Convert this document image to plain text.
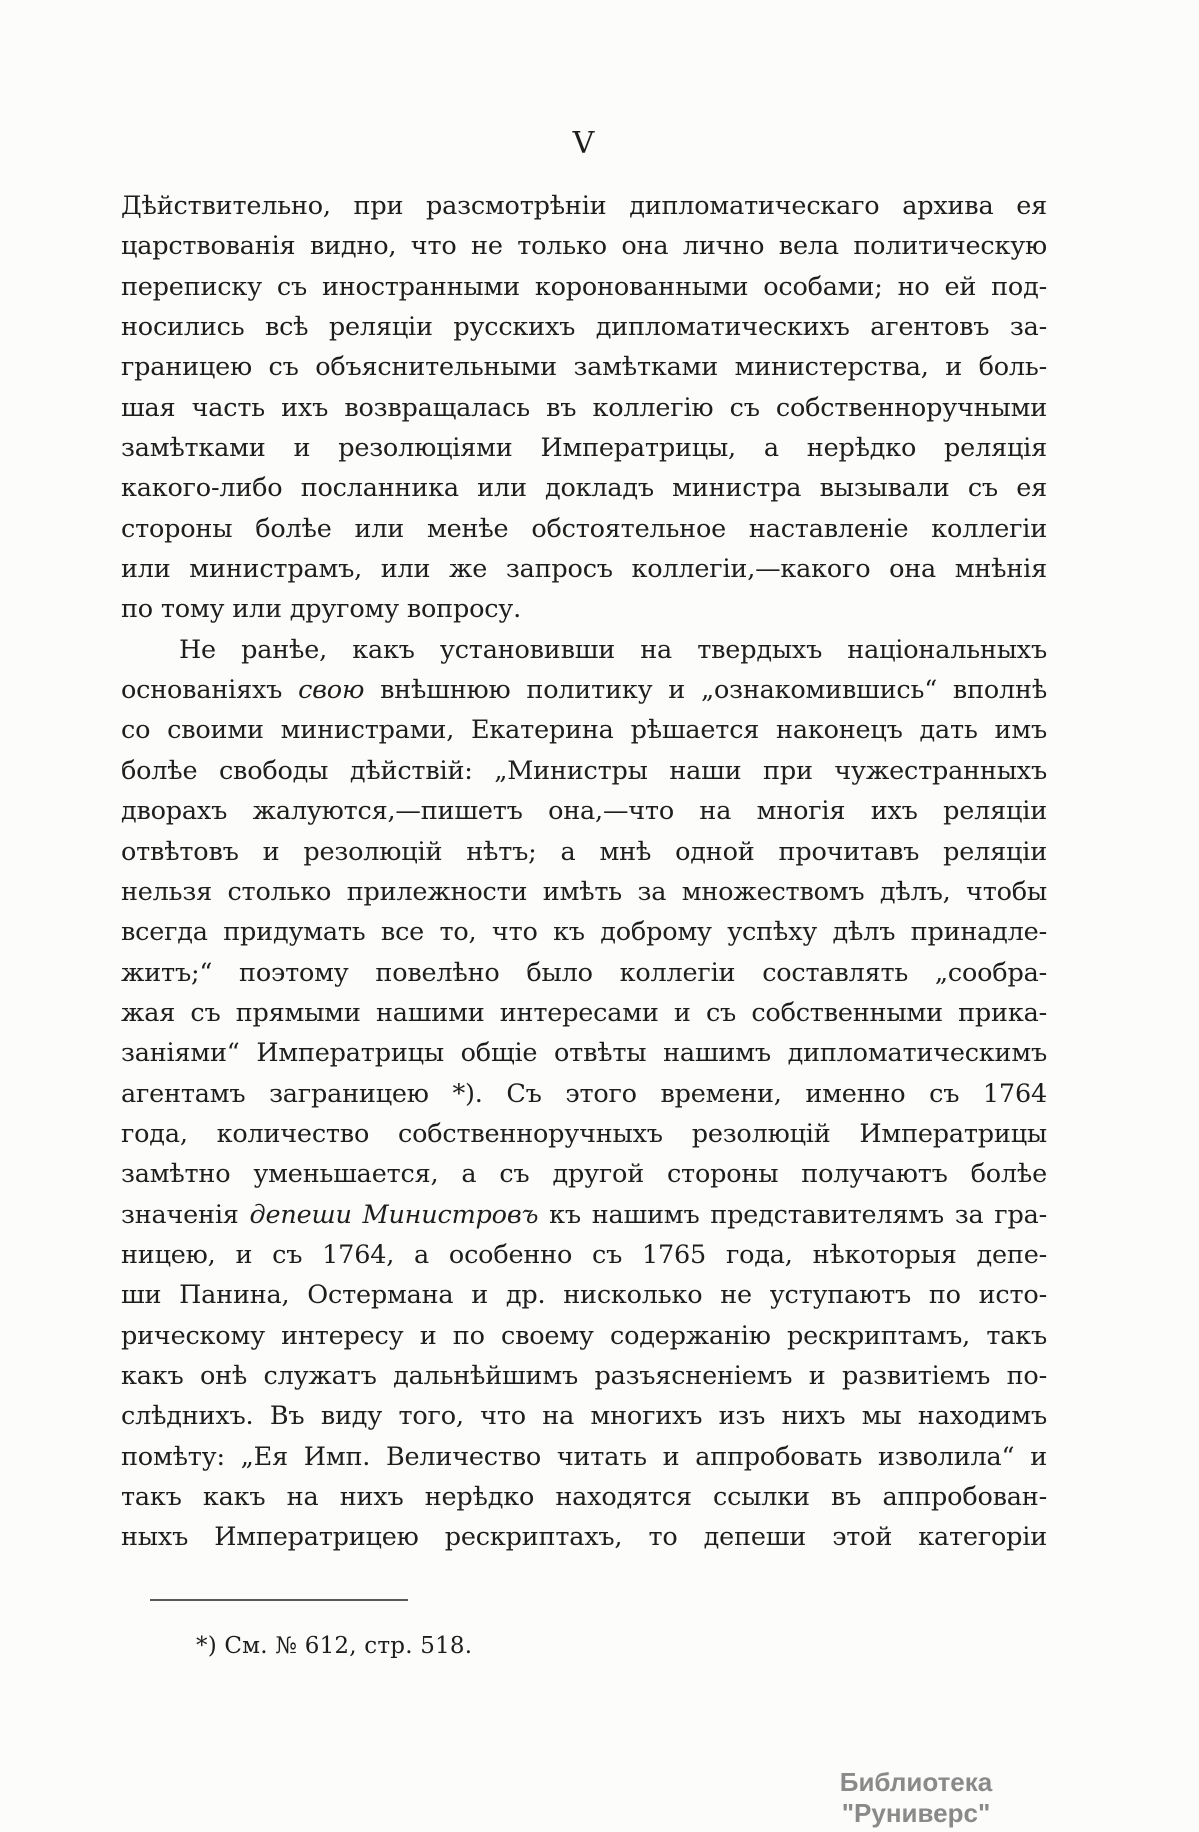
V
Дѣйствительно, при разсмотрѣніи дипломатическаго архива ея
царствованія видно, что не только она лично вела политическую
переписку съ иностранными коронованными особами; но ей под-
носились всѣ реляціи русскихъ дипломатическихъ агентовъ за-
границею съ объяснительными замѣтками министерства, и боль-
шая часть ихъ возвращалась въ коллегію съ собственноручными
замѣтками и резолюціями Императрицы, а нерѣдко реляція
какого-либо посланника или докладъ министра вызывали съ ея
стороны болѣе или менѣе обстоятельное наставленіе коллегіи
или министрамъ, или же запросъ коллегіи,—какого она мнѣнія
по тому или другому вопросу.
Не ранѣе, какъ установивши на твердыхъ національныхъ
основаніяхъ свою внѣшнюю политику и „ознакомившись“ вполнѣ
со своими министрами, Екатерина рѣшается наконецъ дать имъ
болѣе свободы дѣйствій: „Министры наши при чужестранныхъ
дворахъ жалуются,—пишетъ она,—что на многія ихъ реляціи
отвѣтовъ и резолюцій нѣтъ; а мнѣ одной прочитавъ реляціи
нельзя столько прилежности имѣть за множествомъ дѣлъ, чтобы
всегда придумать все то, что къ доброму успѣху дѣлъ принадле-
житъ;“ поэтому повелѣно было коллегіи составлять „сообра-
жая съ прямыми нашими интересами и съ собственными прика-
заніями“ Императрицы общіе отвѣты нашимъ дипломатическимъ
агентамъ заграницею *). Съ этого времени, именно съ 1764
года, количество собственноручныхъ резолюцій Императрицы
замѣтно уменьшается, а съ другой стороны получаютъ болѣе
значенія депеши Министровъ къ нашимъ представителямъ за гра-
ницею, и съ 1764, а особенно съ 1765 года, нѣкоторыя депе-
ши Панина, Остермана и др. нисколько не уступаютъ по исто-
рическому интересу и по своему содержанію рескриптамъ, такъ
какъ онѣ служатъ дальнѣйшимъ разъясненіемъ и развитіемъ по-
слѣднихъ. Въ виду того, что на многихъ изъ нихъ мы находимъ
помѣту: „Ея Имп. Величество читать и аппробовать изволила“ и
такъ какъ на нихъ нерѣдко находятся ссылки въ аппробован-
ныхъ Императрицею рескриптахъ, то депеши этой категоріи
*) См. № 612, стр. 518.
Библиотека "Руниверс"
